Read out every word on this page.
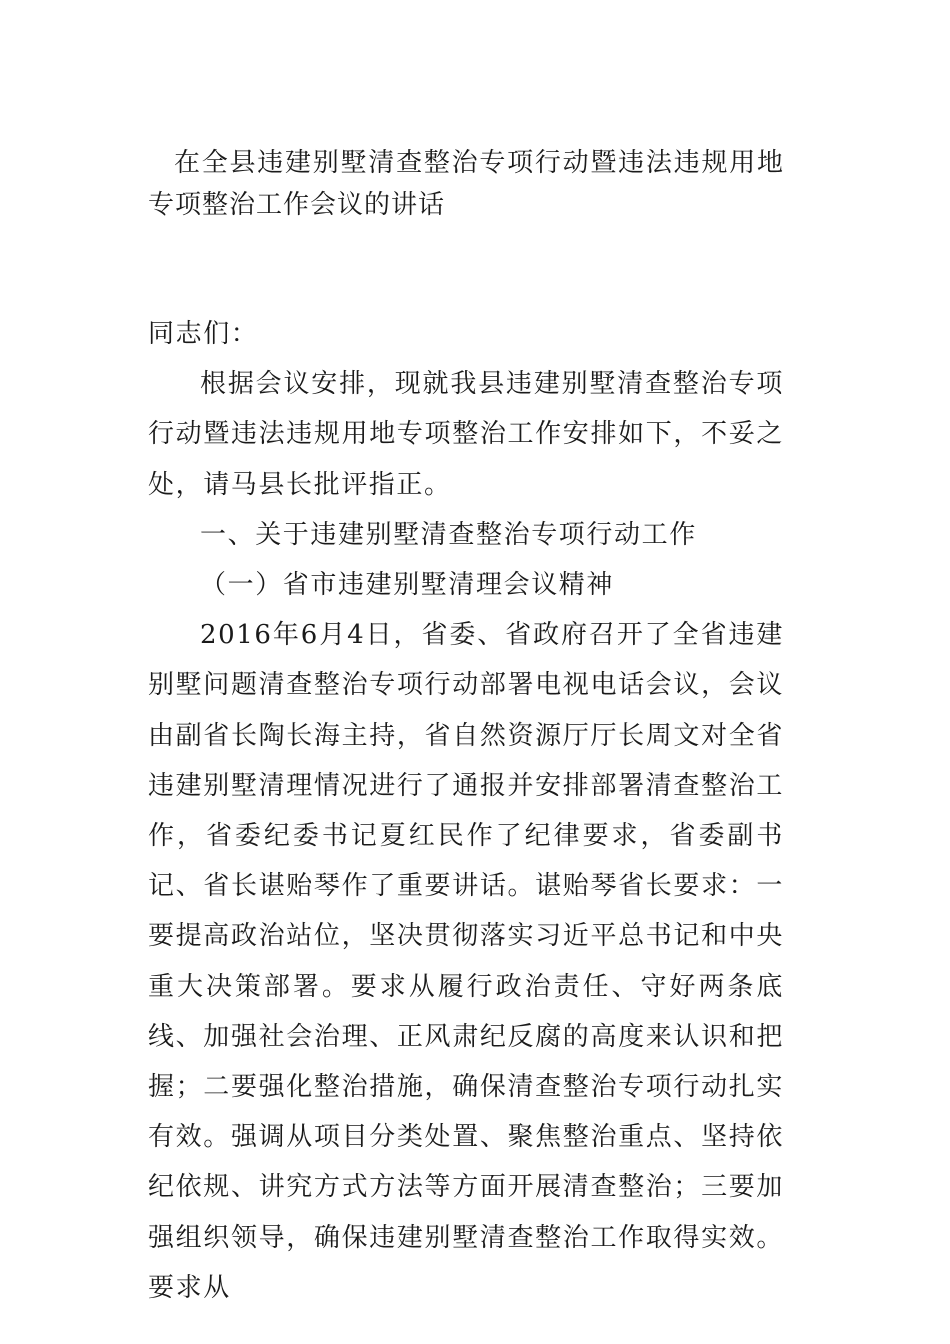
在全县违建别墅清查整治专项行动暨违法违规用地专项整治工作会议的讲话

同志们：

根据会议安排，现就我县违建别墅清查整治专项行动暨违法违规用地专项整治工作安排如下，不妥之处，请马县长批评指正。

一、关于违建别墅清查整治专项行动工作

（一）省市违建别墅清理会议精神

2016年6月4日，省委、省政府召开了全省违建别墅问题清查整治专项行动部署电视电话会议，会议由副省长陶长海主持，省自然资源厅厅长周文对全省违建别墅清理情况进行了通报并安排部署清查整治工作，省委纪委书记夏红民作了纪律要求，省委副书记、省长谌贻琴作了重要讲话。谌贻琴省长要求：一要提高政治站位，坚决贯彻落实习近平总书记和中央重大决策部署。要求从履行政治责任、守好两条底线、加强社会治理、正风肃纪反腐的高度来认识和把握；二要强化整治措施，确保清查整治专项行动扎实有效。强调从项目分类处置、聚焦整治重点、坚持依纪依规、讲究方式方法等方面开展清查整治；三要加强组织领导，确保违建别墅清查整治工作取得实效。要求从
